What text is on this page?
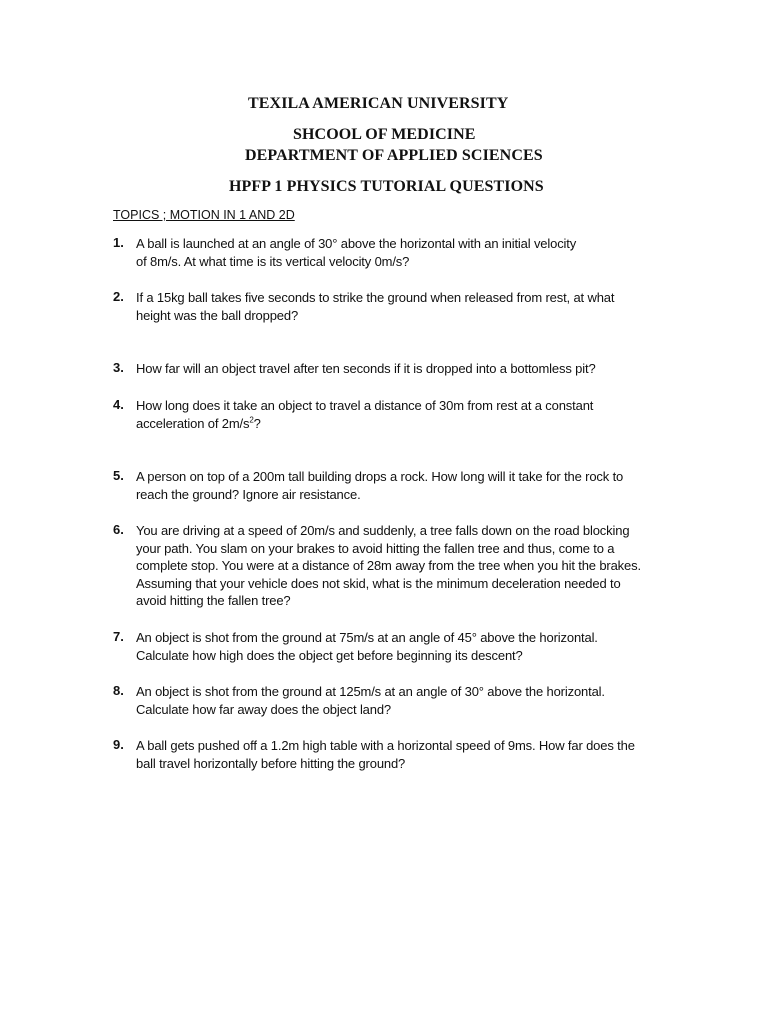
TEXILA AMERICAN UNIVERSITY
SHCOOL OF MEDICINE
DEPARTMENT OF APPLIED SCIENCES
HPFP 1 PHYSICS TUTORIAL QUESTIONS
TOPICS ; MOTION IN 1 AND 2D
1. A ball is launched at an angle of 30° above the horizontal with an initial velocity
of 8m/s. At what time is its vertical velocity 0m/s?
2. If a 15kg ball takes five seconds to strike the ground when released from rest, at what
height was the ball dropped?
3. How far will an object travel after ten seconds if it is dropped into a bottomless pit?
4. How long does it take an object to travel a distance of 30m from rest at a constant
acceleration of $2m/s^2$?
5. A person on top of a 200m tall building drops a rock. How long will it take for the rock to
reach the ground? Ignore air resistance.
6. You are driving at a speed of 20m/s and suddenly, a tree falls down on the road blocking
your path. You slam on your brakes to avoid hitting the fallen tree and thus, come to a
complete stop. You were at a distance of 28m away from the tree when you hit the brakes.
Assuming that your vehicle does not skid, what is the minimum deceleration needed to
avoid hitting the fallen tree?
7. An object is shot from the ground at 75m/s at an angle of 45° above the horizontal.
Calculate how high does the object get before beginning its descent?
8. An object is shot from the ground at 125m/s at an angle of 30° above the horizontal.
Calculate how far away does the object land?
9. A ball gets pushed off a 1.2m high table with a horizontal speed of 9ms. How far does the
ball travel horizontally before hitting the ground?
